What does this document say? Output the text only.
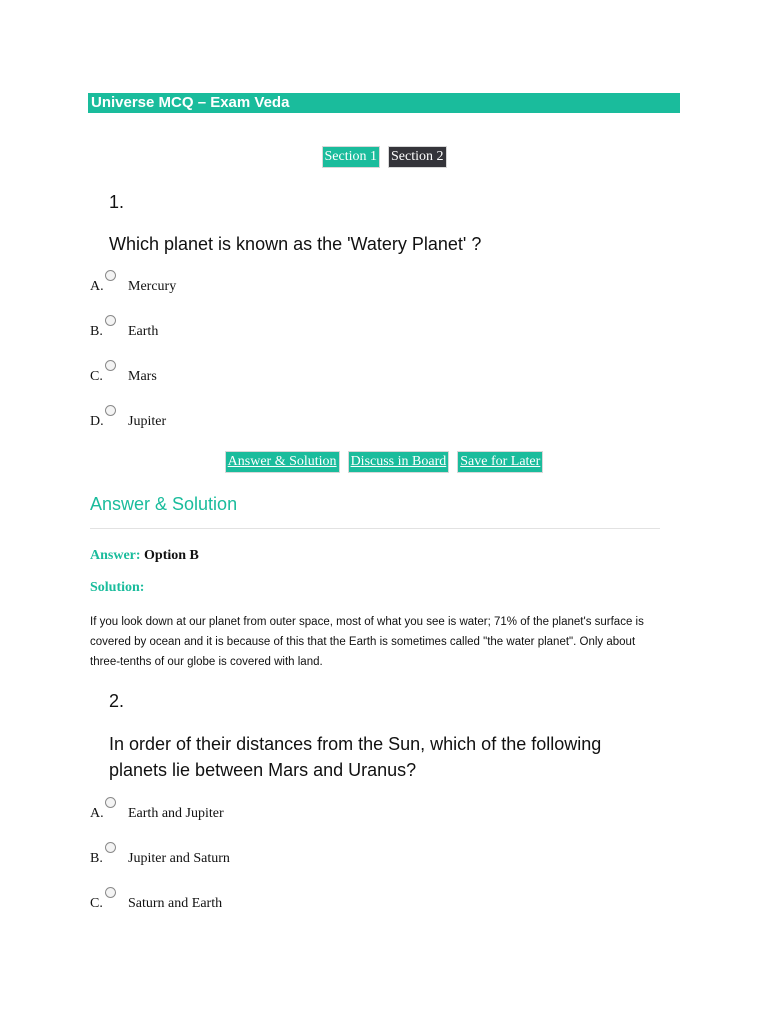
Universe MCQ – Exam Veda
Section 1 Section 2
1.
Which planet is known as the 'Watery Planet' ?
A. Mercury
B. Earth
C. Mars
D. Jupiter
Answer & Solution Discuss in Board Save for Later
Answer & Solution
Answer: Option B
Solution:
If you look down at our planet from outer space, most of what you see is water; 71% of the planet's surface is covered by ocean and it is because of this that the Earth is sometimes called "the water planet". Only about three-tenths of our globe is covered with land.
2.
In order of their distances from the Sun, which of the following planets lie between Mars and Uranus?
A. Earth and Jupiter
B. Jupiter and Saturn
C. Saturn and Earth
